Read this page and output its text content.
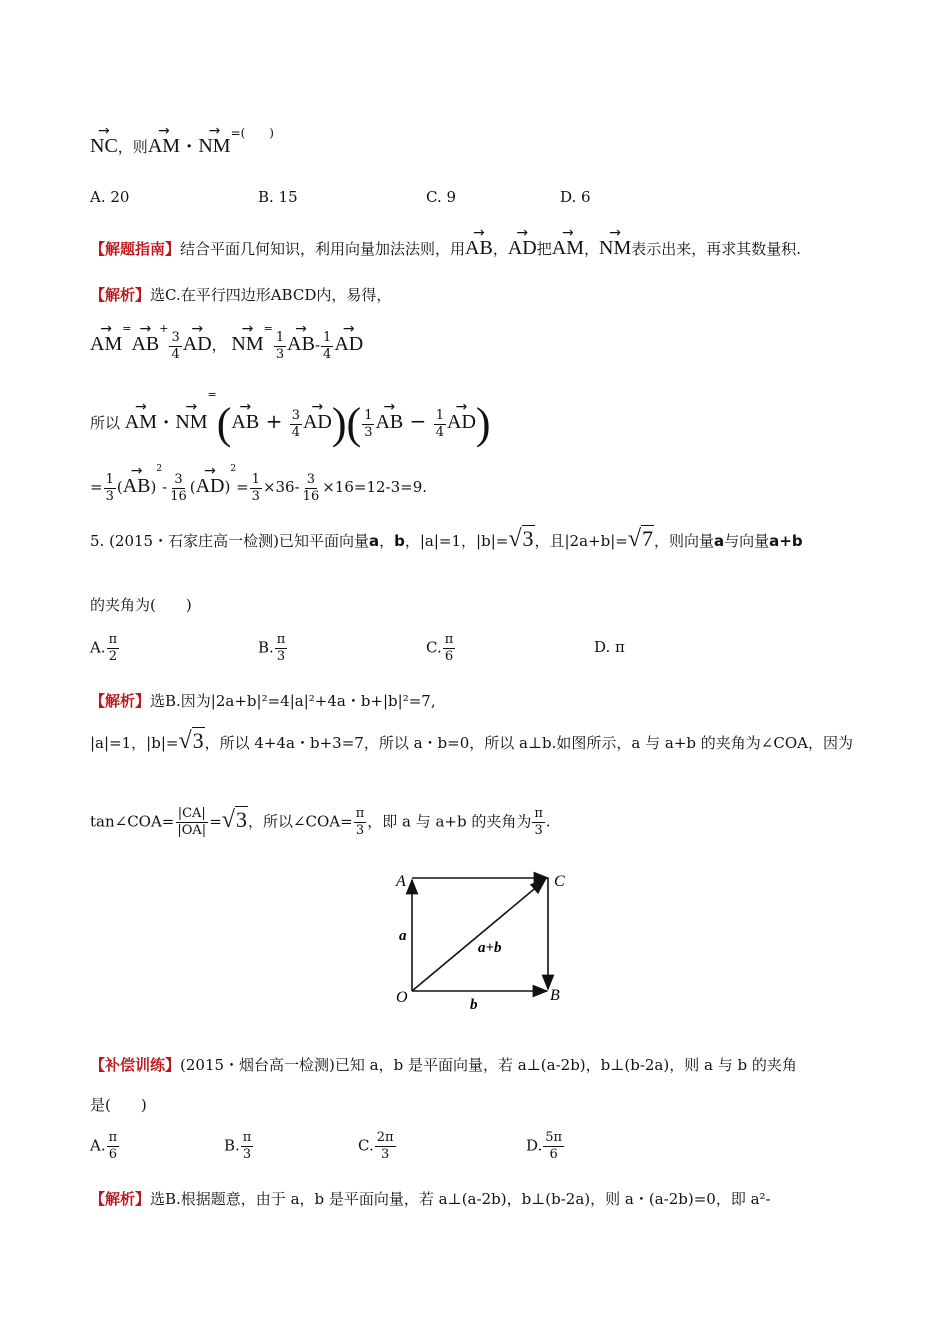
→ NC，则→ AM ·→ NM=(　　)
A. 20	B. 15	C. 9	D. 6
【解题指南】结合平面几何知识，利用向量加法法则，用→ AB，→ AD把→ AM，→ NM表示出来，再求其数量积.
【解析】选C.在平行四边形ABCD内，易得，
→ AM=→ AB+
$\frac{3}{4}$
→ AD， → NM=
$\frac{1}{3}$
→ $AB- \frac{1}{4}$
→ AD
所以 → AM ·→ NM=(→ AB + $\frac{3}{4}$
→ $AD)( \frac{1}{3}$
→ AB − $\frac{1}{4}$
→ AD)
= $\frac{1}{3}$ (→ $AB)^2- \frac{3}{16}$ (→ $AD)^2= \frac{1}{3} \times 36- \frac{3}{16} \times 16=12-3=9$.
5. (2015・石家庄高一检测)已知平面向量a，b，|a|=1，|b|=√3，且|2a+b|=√7，则向量a与向量a+b
的夹角为(　　)
A. $\frac{\pi}{2}$	B. $\frac{\pi}{3}$	C. $\frac{\pi}{6}$	D. π
【解析】选B.因为|2a+b|²=4|a|²+4a・b+|b|²=7,
|a|=1，|b|=√3，所以 4+4a・b+3=7，所以 a・b=0，所以 a⊥b.如图所示，a 与 a+b 的夹角为∠COA，因为
tan∠COA= $\frac{|CA|}{|OA|} =√3$，所以∠COA= $\frac{\pi}{3}$ ，即 a 与 a+b 的夹角为 $\frac{\pi}{3}$ .
A	C
O	B
a
b
a+b
【补偿训练】(2015・烟台高一检测)已知 a，b 是平面向量，若 a⊥(a-2b)，b⊥(b-2a)，则 a 与 b 的夹角
是(　　)
A. $\frac{\pi}{6}$	B. $\frac{\pi}{3}$	C. $\frac{2\pi}{3}$	D. $\frac{5\pi}{6}$
【解析】选B.根据题意，由于 a，b 是平面向量，若 a⊥(a-2b)，b⊥(b-2a)，则 a・(a-2b)=0，即 a²-
